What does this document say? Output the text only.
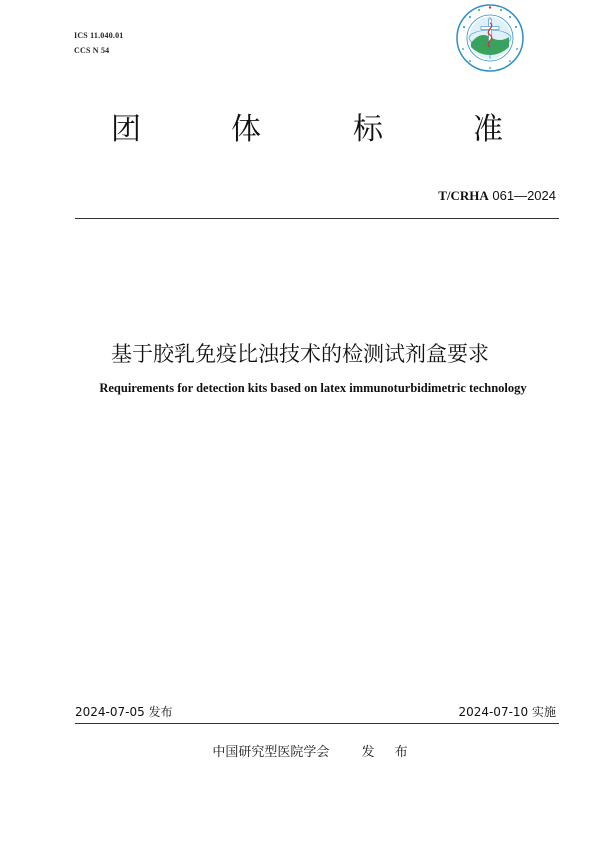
ICS 11.040.01
CCS N 54
团	体	标	准
T/CRHA 061—2024
基于胶乳免疫比浊技术的检测试剂盒要求
Requirements for detection kits based on latex immunoturbidimetric technology
2024-07-05 发布	2024-07-10 实施
中国研究型医院学会 发 布
